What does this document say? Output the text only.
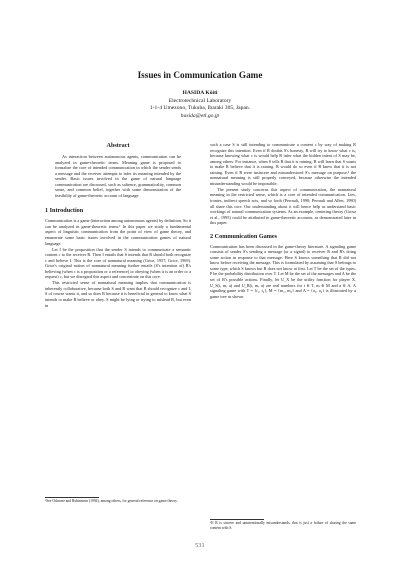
Issues in Communication Game
HASIDA Kôiti
Electrotechnical Laboratory
1-1-4 Umezono, Tukuba, Ibaraki 305, Japan.
hasida@etl.go.jp
Abstract

As interaction between autonomous agents, communication can be analyzed in game-theoretic terms. Meaning game is proposed to formalize the core of intended communication in which the sender sends a message and the receiver attempts to infer its meaning intended by the sender. Basic issues involved in the game of natural language communication are discussed, such as salience, grammaticality, common sense, and common belief, together with some demonstration of the feasibility of game-theoretic account of language.

1 Introduction

Communication is a game (interaction among autonomous agents) by definition. So it can be analyzed in game-theoretic terms.¹ In this paper we study a fundamental aspect of linguistic communication from the point of view of game theory, and enumerate some basic issues involved in the communication games of natural language.

Let I be the proposition that the sender S intends to communicate a semantic content c to the receiver R. Then I entails that S intends that R should both recognize c and believe I. This is the core of nonnatural meaning (Grice, 1957; Grice, 1969). Grice's original notion of nonnatural meaning further entails (S's intention of) R's believing (when c is a proposition or a reference) or obeying (when it is an order or a request) c, but we disregard this aspect and concentrate on this core.

This restricted sense of nonnatural meaning implies that communication is inherently collaborative, because both S and R want that R should recognize c and I. S of course wants it, and so does R because it is beneficial in general to know what S intends to make R believe or obey. S might be lying or trying to mislead R, but even in

such a case S is still intending to communicate a content c by way of making R recognize this intention. Even if R doubts S's honesty, R will try to know what c is, because knowing what c is would help R infer what the hidden intent of S may be, among others. For instance, when S tells R that it is raining, R will learn that S wants to make R believe that it is raining. R would do so even if R knew that it is not raining. Even if R were insincere and misunderstood S's message on purpose,² the nonnatural meaning is still properly conveyed, because otherwise the intended misunderstanding would be impossible.

The present study concerns this aspect of communication, the nonnatural meaning in the restricted sense, which is a core of intended communication. Lies, ironies, indirect speech acts, and so forth (Perrault, 1990; Perrault and Allen, 1980) all share this core. Our understanding about it will hence help us understand basic workings of natural communication systems. As an example, centering theory (Grosz et al., 1995) could be attributed to game-theoretic accounts, as demonstrated later in this paper.

2 Communication Games

Communication has been discussed in the game-theory literature. A signaling game consists of sender S's sending a message (or a signal) to receiver R and R's doing some action in response to that message. Here S knows something that R did not know before receiving the message. This is formulated by assuming that S belongs to some type, which S knows but R does not know at first. Let T be the set of the types, P be the probability distribution over T. Let M be the set of the messages and A be the set of R's possible actions. Finally, let U_X be the utility function for player X. U_S(t, m, a) and U_R(t, m, a) are real numbers for t ∈ T, m ∈ M and a ∈ A. A signaling game with T = {t₁, t₂}, M = {m₁, m₂} and A = {a₁, a₂} is illustrated by a game tree as shown

¹See Osborne and Rubinstein (1994), among others, for general reference on game theory.
²If R is sincere and unintentionally misunderstands, that is just a failure of sharing the same content with S.
531
